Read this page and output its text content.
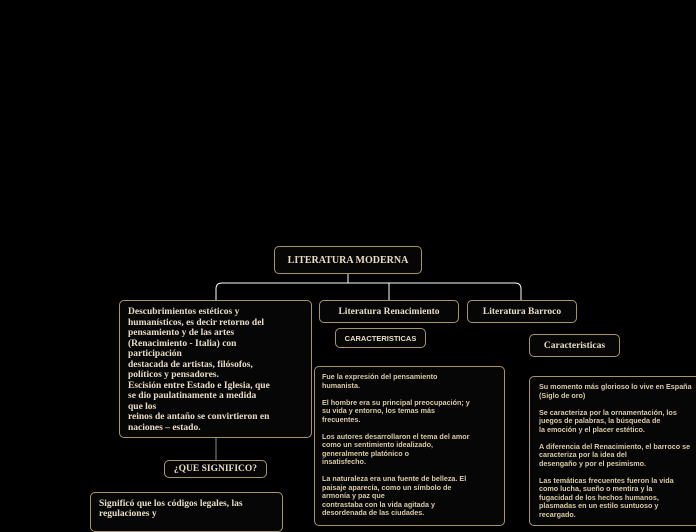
LITERATURA MODERNA

Descubrimientos estéticos y
humanísticos, es decir retorno del
pensamiento y de las artes
(Renacimiento - Italia) con
participación
destacada de artistas, filósofos,
políticos y pensadores.
Escisión entre Estado e Iglesia, que
se dio paulatinamente a medida
que los
reinos de antaño se convirtieron en
naciones – estado.

¿QUE SIGNIFICO?

Significó que los códigos legales, las
regulaciones y

Literatura Renacimiento
CARACTERISTICAS

Fue la expresión del pensamiento
humanista.

El hombre era su principal preocupación; y
su vida y entorno, los temas más
frecuentes.

Los autores desarrollaron el tema del amor
como un sentimiento idealizado,
generalmente platónico o
insatisfecho.

La naturaleza era una fuente de belleza. El
paisaje aparecía, como un símbolo de
armonía y paz que
contrastaba con la vida agitada y
desordenada de las ciudades.

Literatura Barroco
Caracteristicas

Su momento más glorioso lo vive en España
(Siglo de oro)

Se caracteriza por la ornamentación, los
juegos de palabras, la búsqueda de
la emoción y el placer estético.

A diferencia del Renacimiento, el barroco se
caracteriza por la idea del
desengaño y por el pesimismo.

Las temáticas frecuentes fueron la vida
como lucha, sueño o mentira y la
fugacidad de los hechos humanos,
plasmadas en un estilo suntuoso y
recargado.
